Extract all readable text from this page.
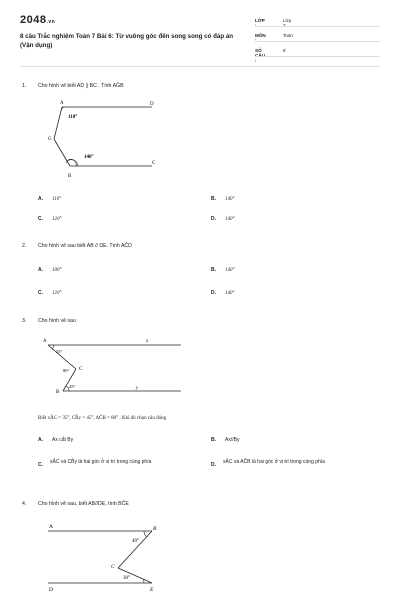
2048.vn
8 câu Trắc nghiệm Toán 7 Bài 6: Từ vuông góc đến song song có đáp án (Vận dụng)
LỚP :
Lớp 7
MÔN :
Toán
SỐ CÂU :
8
1. Cho hình vẽ biết AD ∥ BC . Tính AĜB
A	D
G
B
C
110°
140°
A. 110°	B. 140°
C. 120°	D. 140°
2. Cho hình vẽ sau biết AB // DE. Tính AĈD
A. 100°	B. 140°
C. 120°	D. 140°
3. Cho hình vẽ sau
A	x
C
B
y
35°
80°
45°
Biết xÂC = 35°, CB̂y = 45°, AĈB = 80° . Khi đó chọn câu đúng
A. Ax cắt By	B. Ax//By
C. xÂC và CB̂y là hai góc ở vị trí trong cùng phía	D. xÂC và AĈB là hai góc ở vị trí trong cùng phía
4. Cho hình vẽ sau, biết AB//DE, tính BĈE
A	B
C
D	E
40°
30°
